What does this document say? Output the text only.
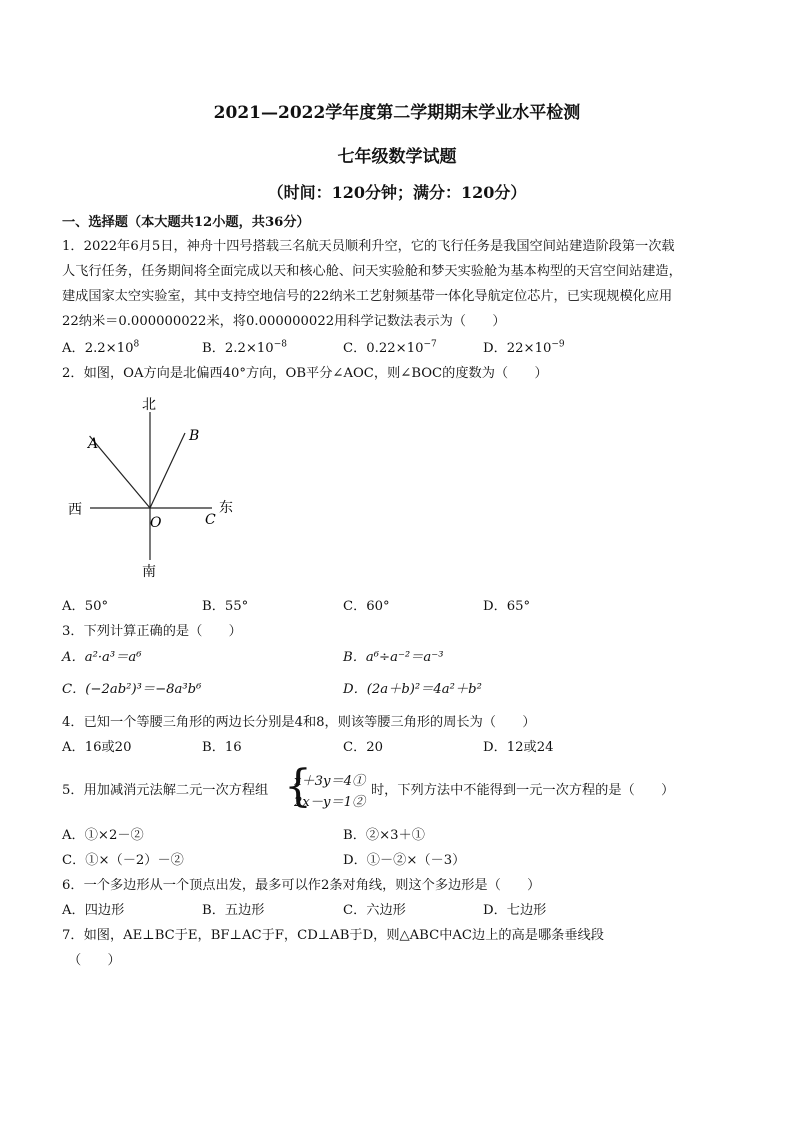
2021—2022学年度第二学期期末学业水平检测
七年级数学试题
（时间：120分钟；满分：120分）
一、选择题（本大题共12小题，共36分）
1．2022年6月5日，神舟十四号搭载三名航天员顺利升空，它的飞行任务是我国空间站建造阶段第一次载
人飞行任务，任务期间将全面完成以天和核心舱、问天实验舱和梦天实验舱为基本构型的天宫空间站建造，
建成国家太空实验室，其中支持空地信号的22纳米工艺射频基带一体化导航定位芯片，已实现规模化应用
22纳米＝0.000000022米，将0.000000022用科学记数法表示为（　　）
A．$2.2\times 10^8$	B．$2.2\times 10^{-8}$	C．$0.22\times 10^{-7}$	D．$22\times 10^{-9}$
2．如图，OA方向是北偏西40°方向，OB平分∠AOC，则∠BOC的度数为（　　）
北
南
西	东
A	B
O	C
A．50°	B．55°	C．60°	D．65°
3．下列计算正确的是（　　）
A．a²·a³＝a⁶	B．a⁶÷a⁻²＝a⁻³
C．(−2ab²)³＝−8a³b⁶	D．(2a＋b)²＝4a²＋b²
4．已知一个等腰三角形的两边长分别是4和8，则该等腰三角形的周长为（　　）
A．16或20	B．16	C．20	D．12或24
5．用加减消元法解二元一次方程组 {
x＋3y＝4①
2x－y＝1②
时，下列方法中不能得到一元一次方程的是（　　）
A．①×2－②	B．②×3＋①
C．①×（－2）－②	D．①－②×（－3）
6．一个多边形从一个顶点出发，最多可以作2条对角线，则这个多边形是（　　）
A．四边形	B．五边形	C．六边形	D．七边形
7．如图，AE⊥BC于E，BF⊥AC于F，CD⊥AB于D，则△ABC中AC边上的高是哪条垂线段
（　　）
